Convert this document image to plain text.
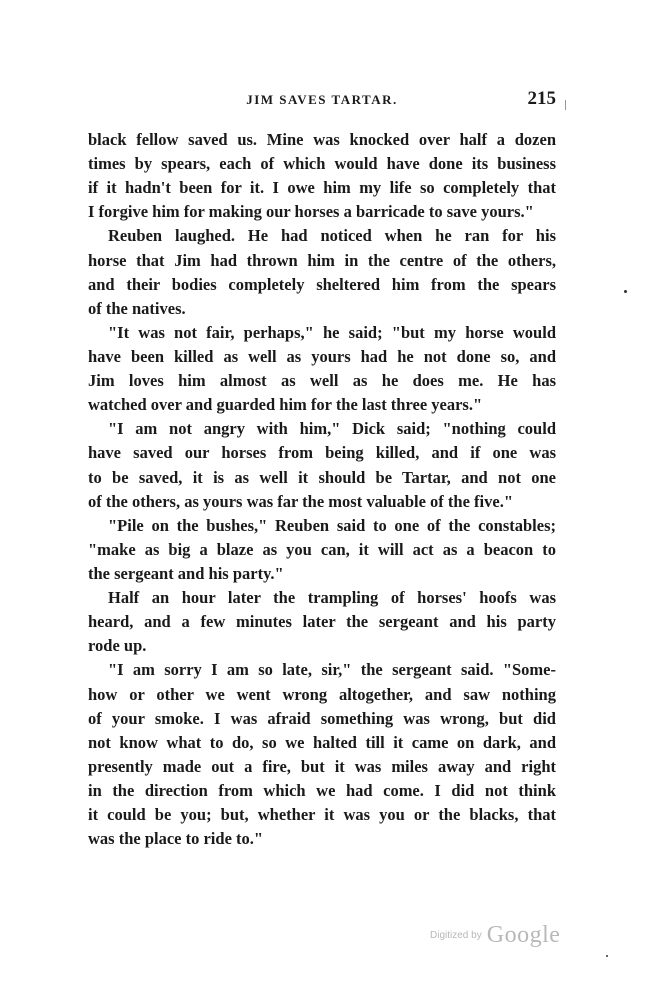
JIM SAVES TARTAR.	215
black fellow saved us. Mine was knocked over half a dozen
times by spears, each of which would have done its business
if it hadn't been for it. I owe him my life so completely that
I forgive him for making our horses a barricade to save yours."
Reuben laughed. He had noticed when he ran for his
horse that Jim had thrown him in the centre of the others,
and their bodies completely sheltered him from the spears
of the natives.
"It was not fair, perhaps," he said; "but my horse would
have been killed as well as yours had he not done so, and
Jim loves him almost as well as he does me. He has
watched over and guarded him for the last three years."
"I am not angry with him," Dick said; "nothing could
have saved our horses from being killed, and if one was
to be saved, it is as well it should be Tartar, and not one
of the others, as yours was far the most valuable of the five."
"Pile on the bushes," Reuben said to one of the constables;
"make as big a blaze as you can, it will act as a beacon to
the sergeant and his party."
Half an hour later the trampling of horses' hoofs was
heard, and a few minutes later the sergeant and his party
rode up.
"I am sorry I am so late, sir," the sergeant said. "Some-
how or other we went wrong altogether, and saw nothing
of your smoke. I was afraid something was wrong, but did
not know what to do, so we halted till it came on dark, and
presently made out a fire, but it was miles away and right
in the direction from which we had come. I did not think
it could be you; but, whether it was you or the blacks, that
was the place to ride to."
Digitized by Google
